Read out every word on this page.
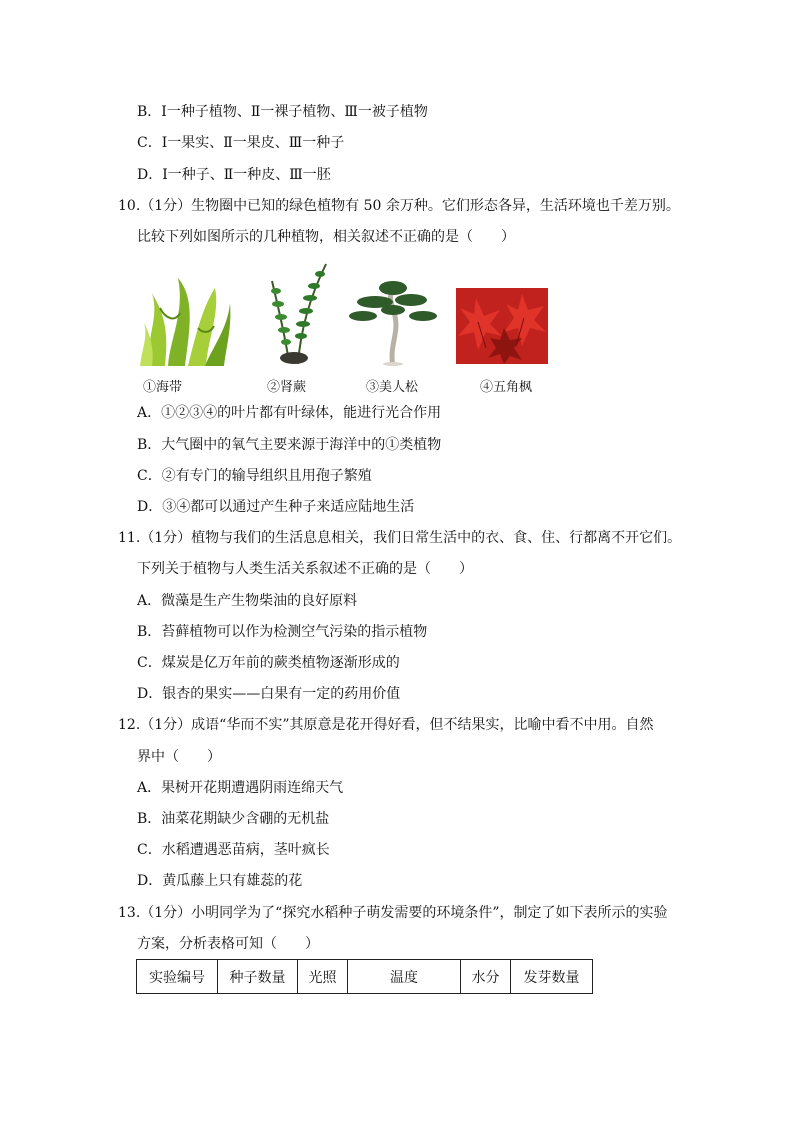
B．Ⅰ一种子植物、Ⅱ一裸子植物、Ⅲ一被子植物
C．Ⅰ一果实、Ⅱ一果皮、Ⅲ一种子
D．Ⅰ一种子、Ⅱ一种皮、Ⅲ一胚
10.（1分）生物圈中已知的绿色植物有 50 余万种。它们形态各异，生活环境也千差万别。
比较下列如图所示的几种植物，相关叙述不正确的是（　　）
①海带	②肾蕨	③美人松	④五角枫
A．①②③④的叶片都有叶绿体，能进行光合作用
B．大气圈中的氧气主要来源于海洋中的①类植物
C．②有专门的输导组织且用孢子繁殖
D．③④都可以通过产生种子来适应陆地生活
11.（1分）植物与我们的生活息息相关，我们日常生活中的衣、食、住、行都离不开它们。
下列关于植物与人类生活关系叙述不正确的是（　　）
A．微藻是生产生物柴油的良好原料
B．苔藓植物可以作为检测空气污染的指示植物
C．煤炭是亿万年前的蕨类植物逐渐形成的
D．银杏的果实——白果有一定的药用价值
12.（1分）成语“华而不实”其原意是花开得好看，但不结果实，比喻中看不中用。自然
界中（　　）
A．果树开花期遭遇阴雨连绵天气
B．油菜花期缺少含硼的无机盐
C．水稻遭遇恶苗病，茎叶疯长
D．黄瓜藤上只有雄蕊的花
13.（1分）小明同学为了“探究水稻种子萌发需要的环境条件”，制定了如下表所示的实验
方案，分析表格可知（　　）
实验编号	种子数量	光照	温度	水分	发芽数量
